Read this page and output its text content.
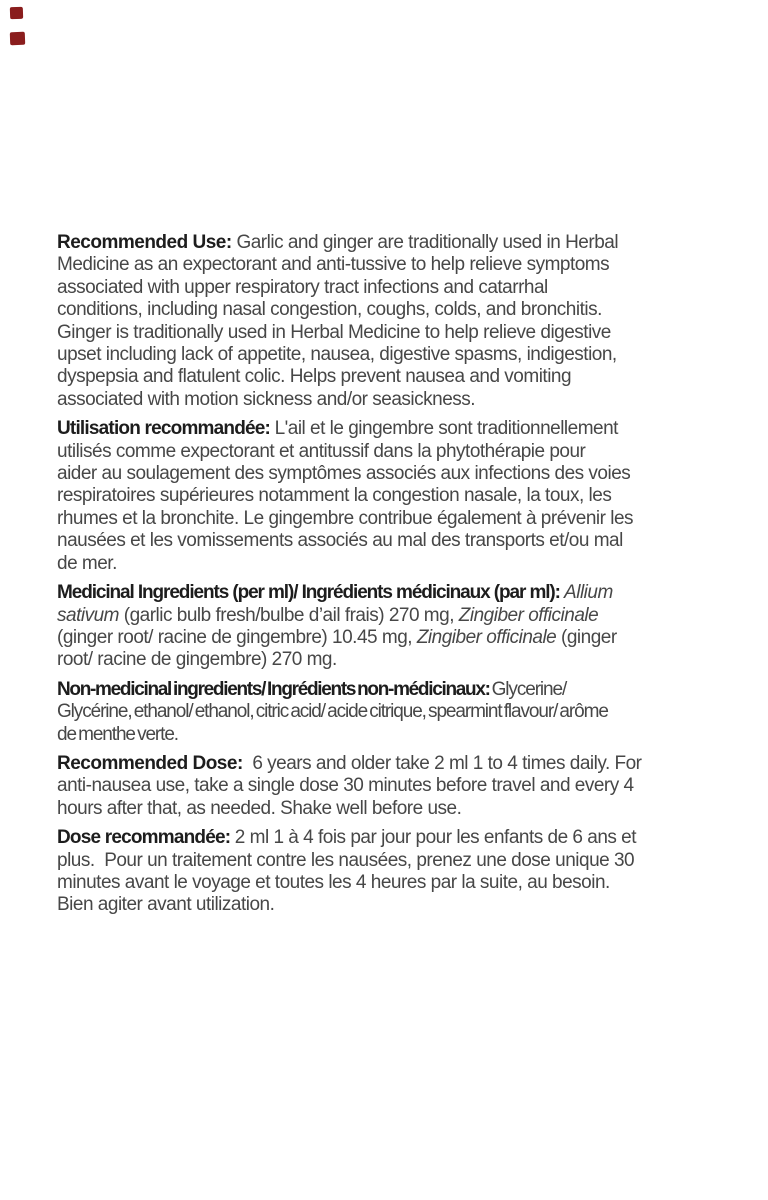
Recommended Use: Garlic and ginger are traditionally used in Herbal
Medicine as an expectorant and anti-tussive to help relieve symptoms
associated with upper respiratory tract infections and catarrhal
conditions, including nasal congestion, coughs, colds, and bronchitis.
Ginger is traditionally used in Herbal Medicine to help relieve digestive
upset including lack of appetite, nausea, digestive spasms, indigestion,
dyspepsia and flatulent colic. Helps prevent nausea and vomiting
associated with motion sickness and/or seasickness.

Utilisation recommandée: L'ail et le gingembre sont traditionnellement
utilisés comme expectorant et antitussif dans la phytothérapie pour
aider au soulagement des symptômes associés aux infections des voies
respiratoires supérieures notamment la congestion nasale, la toux, les
rhumes et la bronchite. Le gingembre contribue également à prévenir les
nausées et les vomissements associés au mal des transports et/ou mal
de mer.

Medicinal Ingredients (per ml)/ Ingrédients médicinaux (par ml): Allium
sativum (garlic bulb fresh/bulbe d’ail frais) 270 mg, Zingiber officinale
(ginger root/ racine de gingembre) 10.45 mg, Zingiber officinale (ginger
root/ racine de gingembre) 270 mg.

Non-medicinal ingredients/ Ingrédients non-médicinaux: Glycerine/
Glycérine, ethanol/ ethanol, citric acid/ acide citrique, spearmint flavour/ arôme
de menthe verte.

Recommended Dose:  6 years and older take 2 ml 1 to 4 times daily. For
anti-nausea use, take a single dose 30 minutes before travel and every 4
hours after that, as needed. Shake well before use.

Dose recommandée: 2 ml 1 à 4 fois par jour pour les enfants de 6 ans et
plus.  Pour un traitement contre les nausées, prenez une dose unique 30
minutes avant le voyage et toutes les 4 heures par la suite, au besoin.
Bien agiter avant utilization.
